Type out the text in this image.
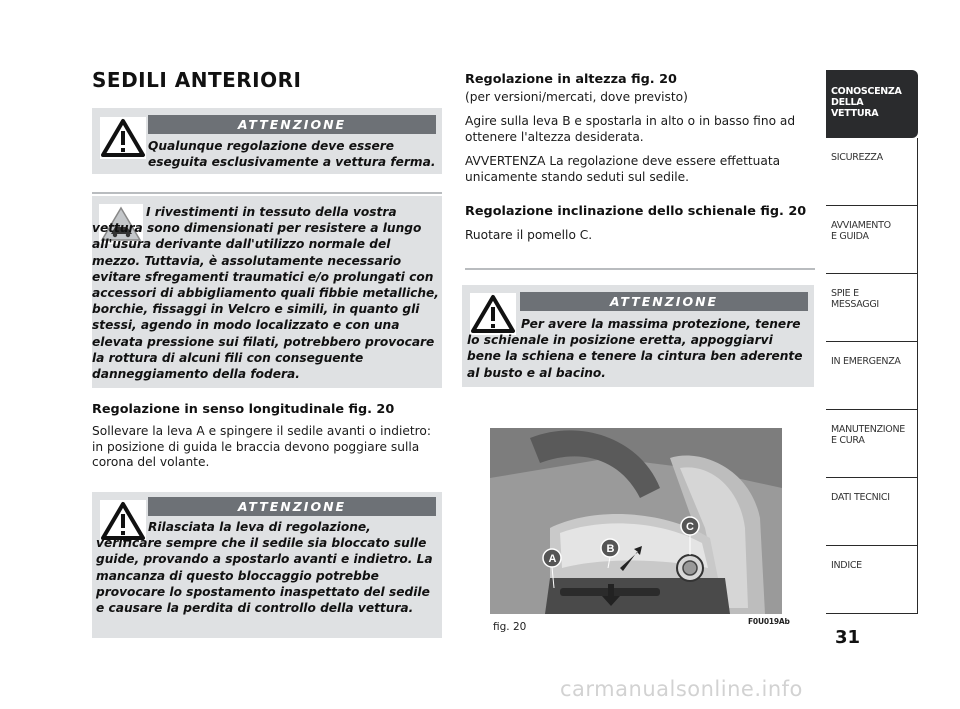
SEDILI ANTERIORI
ATTENZIONE
Qualunque regolazione deve essere eseguita esclusivamente a vettura ferma.
I rivestimenti in tessuto della vostra vettura sono dimensionati per resistere a lungo all'usura derivante dall'utilizzo normale del mezzo. Tuttavia, è assolutamente necessario evitare sfregamenti traumatici e/o prolungati con accessori di abbigliamento quali fibbie metalliche, borchie, fissaggi in Velcro e simili, in quanto gli stessi, agendo in modo localizzato e con una elevata pressione sui filati, potrebbero provocare la rottura di alcuni fili con conseguente danneggiamento della fodera.
Regolazione in senso longitudinale fig. 20
Sollevare la leva A e spingere il sedile avanti o indietro: in posizione di guida le braccia devono poggiare sulla corona del volante.
ATTENZIONE
Rilasciata la leva di regolazione, verificare sempre che il sedile sia bloccato sulle guide, provando a spostarlo avanti e indietro. La mancanza di questo bloccaggio potrebbe provocare lo spostamento inaspettato del sedile e causare la perdita di controllo della vettura.
Regolazione in altezza fig. 20
(per versioni/mercati, dove previsto)
Agire sulla leva B e spostarla in alto o in basso fino ad ottenere l'altezza desiderata.
AVVERTENZA La regolazione deve essere effettuata unicamente stando seduti sul sedile.
Regolazione inclinazione dello schienale fig. 20
Ruotare il pomello C.
ATTENZIONE
Per avere la massima protezione, tenere lo schienale in posizione eretta, appoggiarvi bene la schiena e tenere la cintura ben aderente al busto e al bacino.
A
B
C
fig. 20	F0U019Ab
CONOSCENZA
DELLA
VETTURA
SICUREZZA
AVVIAMENTO
E GUIDA
SPIE E
MESSAGGI
IN EMERGENZA
MANUTENZIONE
E CURA
DATI TECNICI
INDICE
31
carmanualsonline.info
